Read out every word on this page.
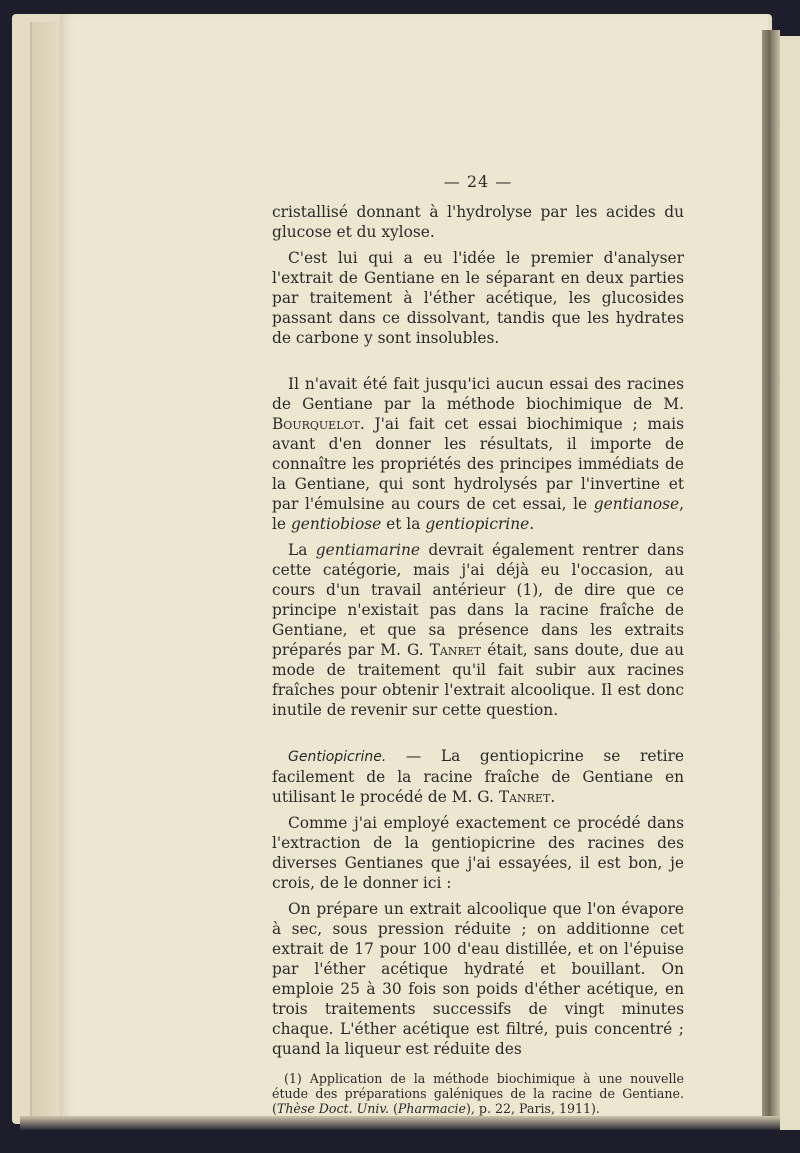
— 24 —

cristallisé donnant à l'hydrolyse par les acides du glucose et du xylose.

C'est lui qui a eu l'idée le premier d'analyser l'extrait de Gentiane en le séparant en deux parties par traitement à l'éther acétique, les glucosides passant dans ce dissolvant, tandis que les hydrates de carbone y sont insolubles.

Il n'avait été fait jusqu'ici aucun essai des racines de Gentiane par la méthode biochimique de M. Bourquelot. J'ai fait cet essai biochimique ; mais avant d'en donner les résultats, il importe de connaître les propriétés des principes immédiats de la Gentiane, qui sont hydrolysés par l'invertine et par l'émulsine au cours de cet essai, le gentianose, le gentiobiose et la gentiopicrine.

La gentiamarine devrait également rentrer dans cette catégorie, mais j'ai déjà eu l'occasion, au cours d'un travail antérieur (1), de dire que ce principe n'existait pas dans la racine fraîche de Gentiane, et que sa présence dans les extraits préparés par M. G. Tanret était, sans doute, due au mode de traitement qu'il fait subir aux racines fraîches pour obtenir l'extrait alcoolique. Il est donc inutile de revenir sur cette question.

Gentiopicrine. — La gentiopicrine se retire facilement de la racine fraîche de Gentiane en utilisant le procédé de M. G. Tanret.

Comme j'ai employé exactement ce procédé dans l'extraction de la gentiopicrine des racines des diverses Gentianes que j'ai essayées, il est bon, je crois, de le donner ici :

On prépare un extrait alcoolique que l'on évapore à sec, sous pression réduite ; on additionne cet extrait de 17 pour 100 d'eau distillée, et on l'épuise par l'éther acétique hydraté et bouillant. On emploie 25 à 30 fois son poids d'éther acétique, en trois traitements successifs de vingt minutes chaque. L'éther acétique est filtré, puis concentré ; quand la liqueur est réduite des

(1) Application de la méthode biochimique à une nouvelle étude des préparations galéniques de la racine de Gentiane. (Thèse Doct. Univ. (Pharmacie), p. 22, Paris, 1911).
